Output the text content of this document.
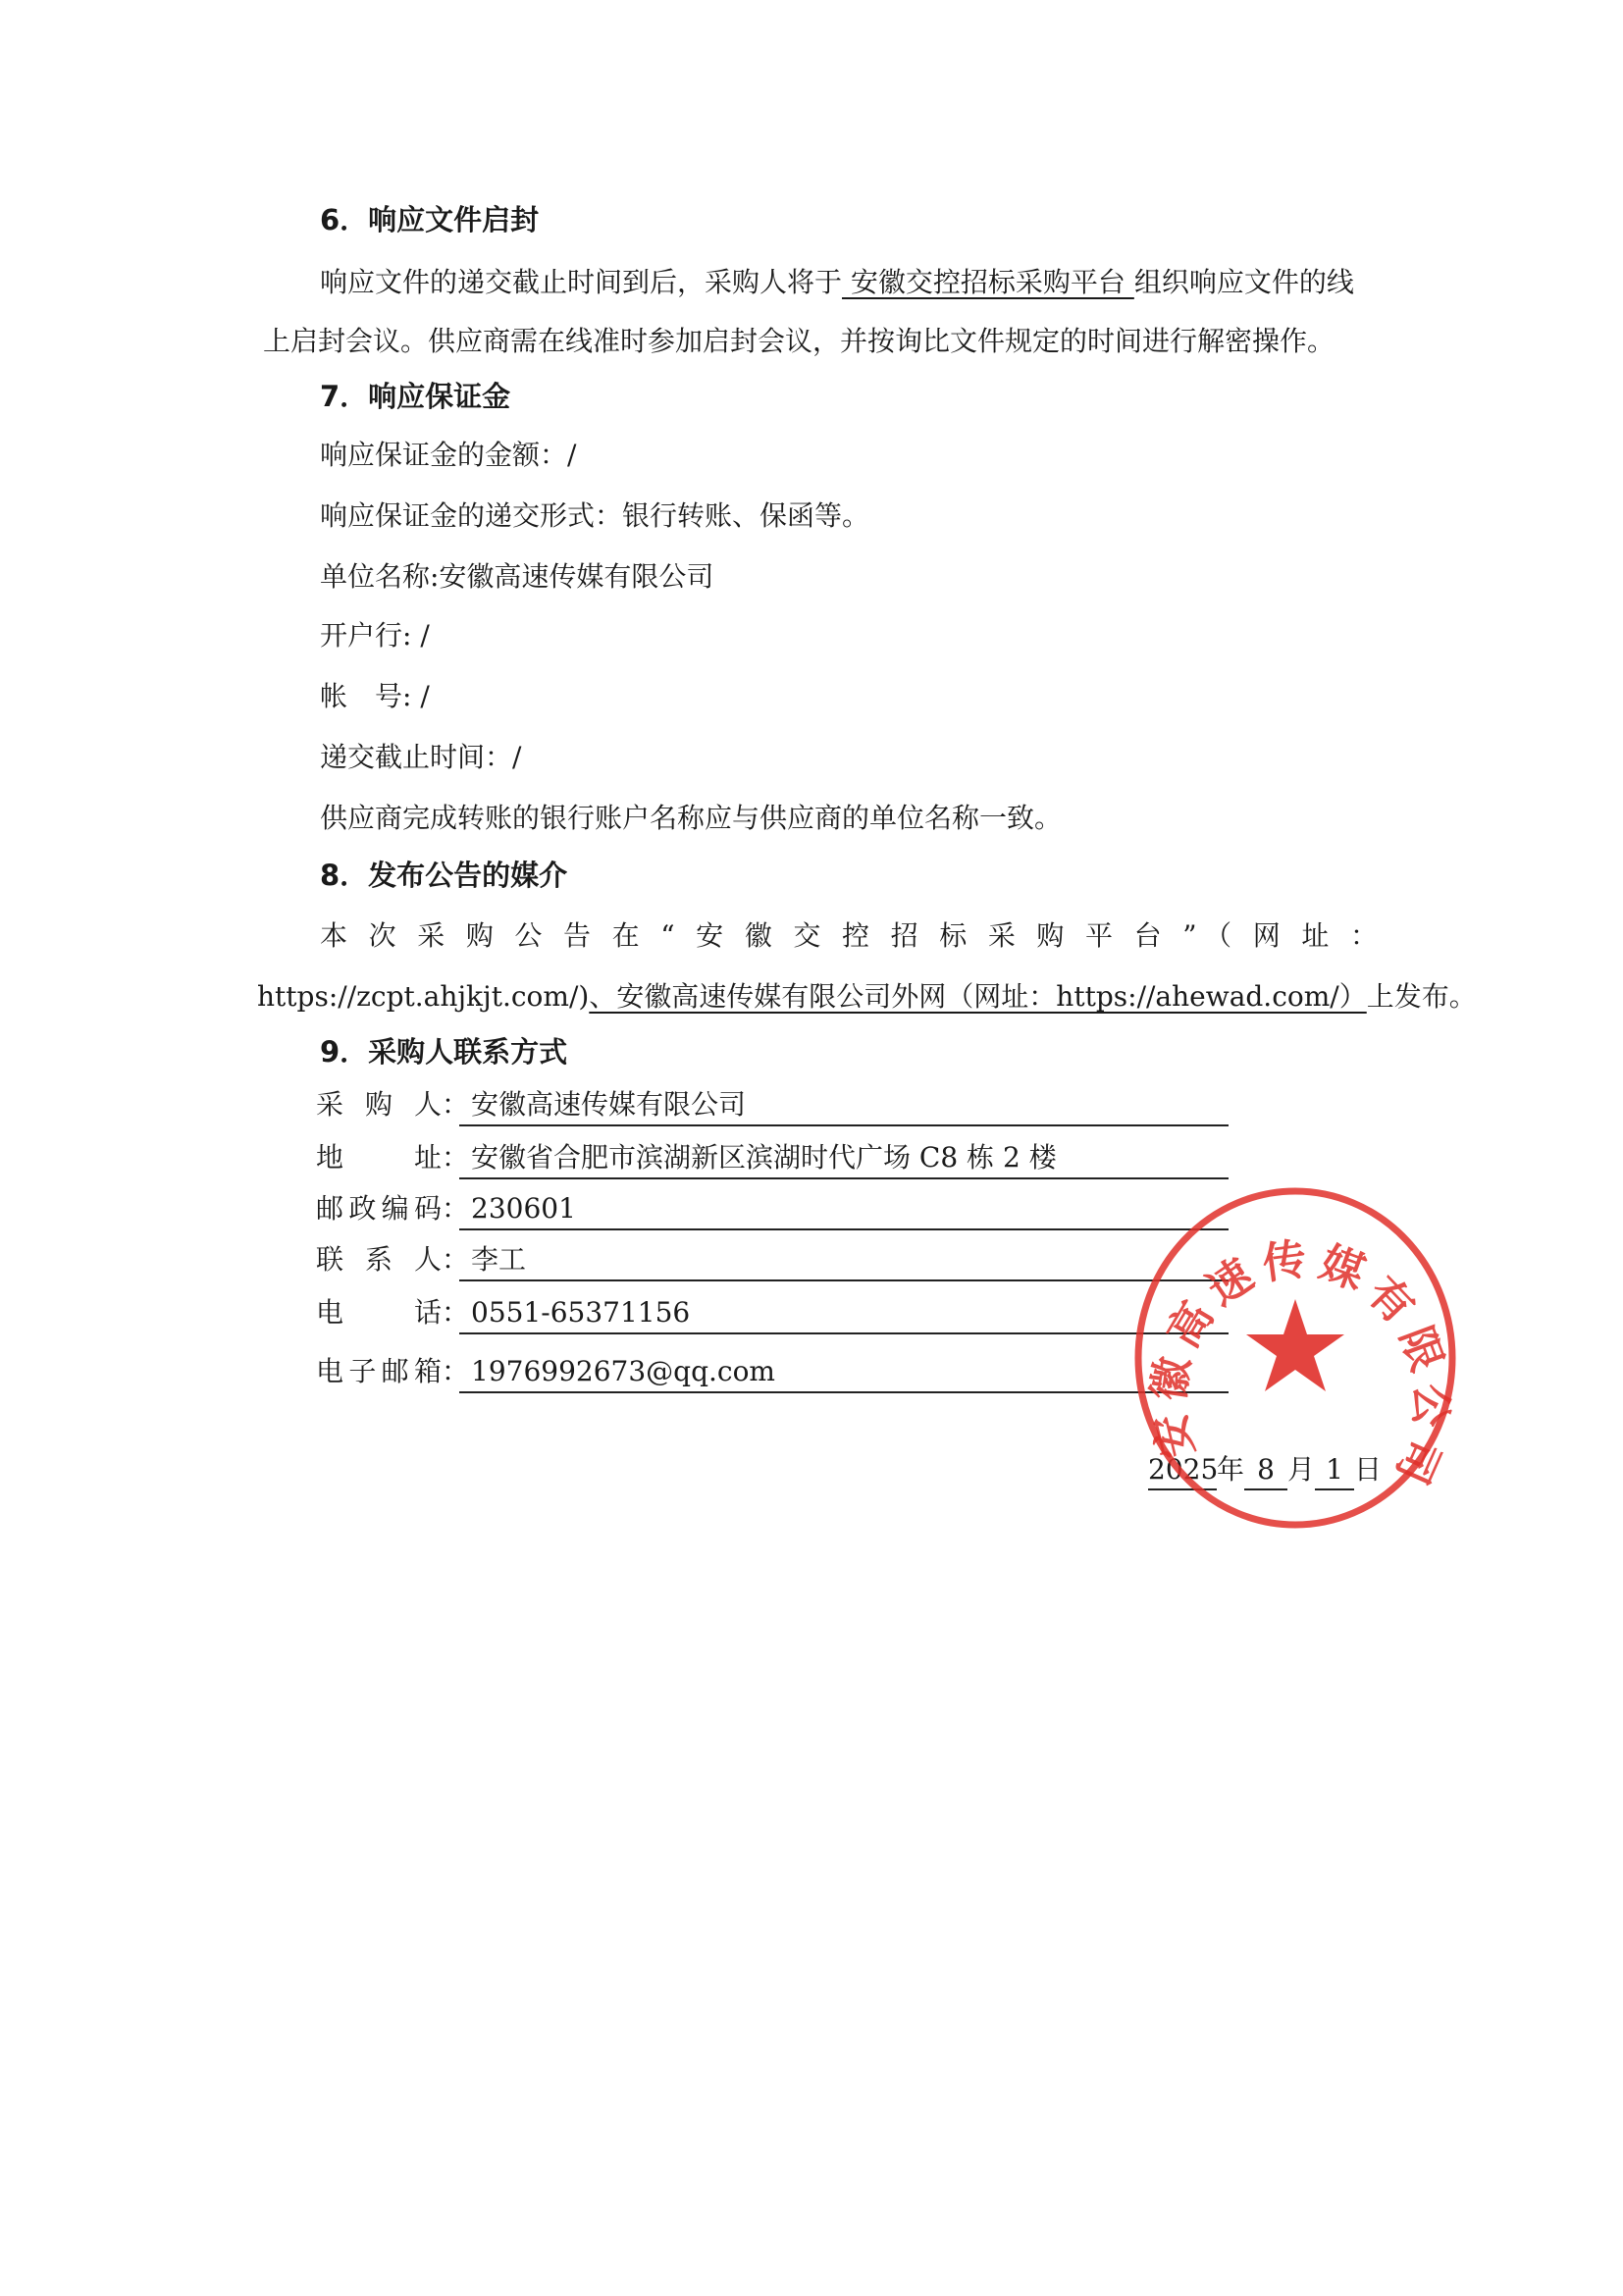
6．响应文件启封
响应文件的递交截止时间到后，采购人将于 安徽交控招标采购平台 组织响应文件的线
上启封会议。供应商需在线准时参加启封会议，并按询比文件规定的时间进行解密操作。
7．响应保证金
响应保证金的金额：/
响应保证金的递交形式：银行转账、保函等。
单位名称:安徽高速传媒有限公司
开户行: /
帐　号: /
递交截止时间：/
供应商完成转账的银行账户名称应与供应商的单位名称一致。
8．发布公告的媒介
本次采购公告在“安徽交控招标采购平台”（网址：
https://zcpt.ahjkjt.com/)、安徽高速传媒有限公司外网（网址：https://ahewad.com/）上发布。
9．采购人联系方式
采购人： 安徽高速传媒有限公司
地址： 安徽省合肥市滨湖新区滨湖时代广场 C8 栋 2 楼
邮政编码： 230601
联系人： 李工
电话： 0551-65371156
电子邮箱： 1976992673@qq.com
2025年 8 月 1 日
安徽高速传媒有限公司
